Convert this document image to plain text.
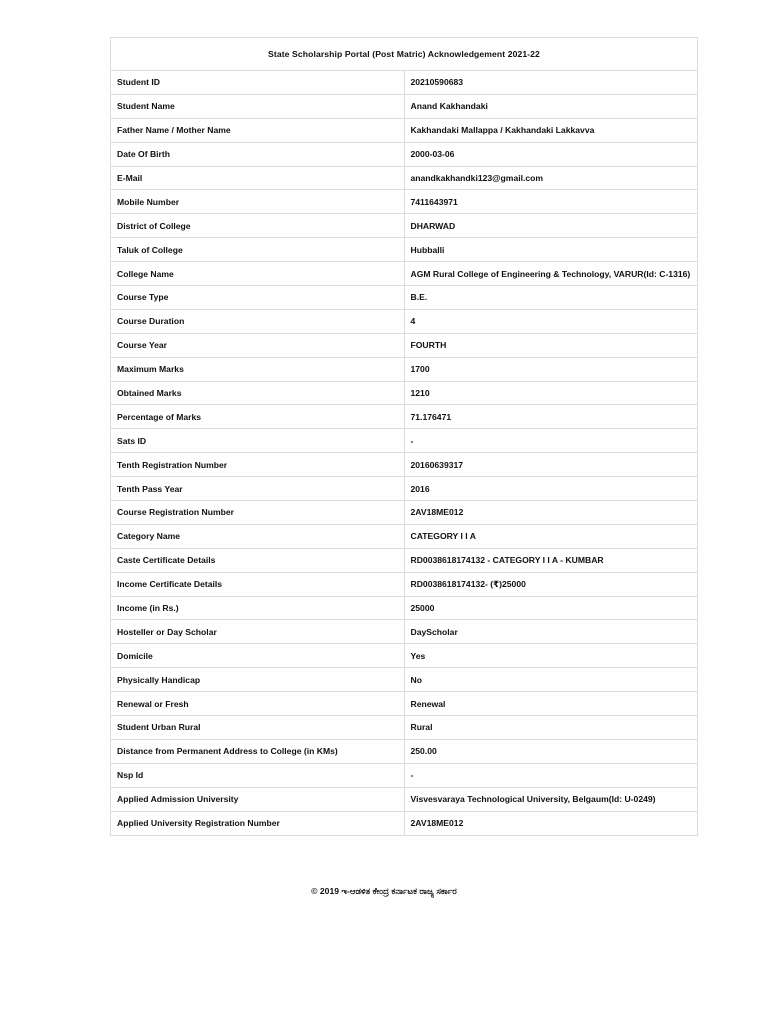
State Scholarship Portal (Post Matric) Acknowledgement 2021-22	
Student ID	20210590683
Student Name	Anand Kakhandaki
Father Name / Mother Name	Kakhandaki Mallappa / Kakhandaki Lakkavva
Date Of Birth	2000-03-06
E-Mail	anandkakhandki123@gmail.com
Mobile Number	7411643971
District of College	DHARWAD
Taluk of College	Hubballi
College Name	AGM Rural College of Engineering & Technology, VARUR(Id: C-1316)
Course Type	B.E.
Course Duration	4
Course Year	FOURTH
Maximum Marks	1700
Obtained Marks	1210
Percentage of Marks	71.176471
Sats ID	-
Tenth Registration Number	20160639317
Tenth Pass Year	2016
Course Registration Number	2AV18ME012
Category Name	CATEGORY I I A
Caste Certificate Details	RD0038618174132 - CATEGORY I I A - KUMBAR
Income Certificate Details	RD0038618174132- (₹)25000
Income (in Rs.)	25000
Hosteller or Day Scholar	DayScholar
Domicile	Yes
Physically Handicap	No
Renewal or Fresh	Renewal
Student Urban Rural	Rural
Distance from Permanent Address to College (in KMs)	250.00
Nsp Id	-
Applied Admission University	Visvesvaraya Technological University, Belgaum(Id: U-0249)
Applied University Registration Number	2AV18ME012
© 2019 ಇ-ಆಡಳಿತ ಕೇಂದ್ರ ಕರ್ನಾಟಕ ರಾಜ್ಯ ಸರ್ಕಾರ
